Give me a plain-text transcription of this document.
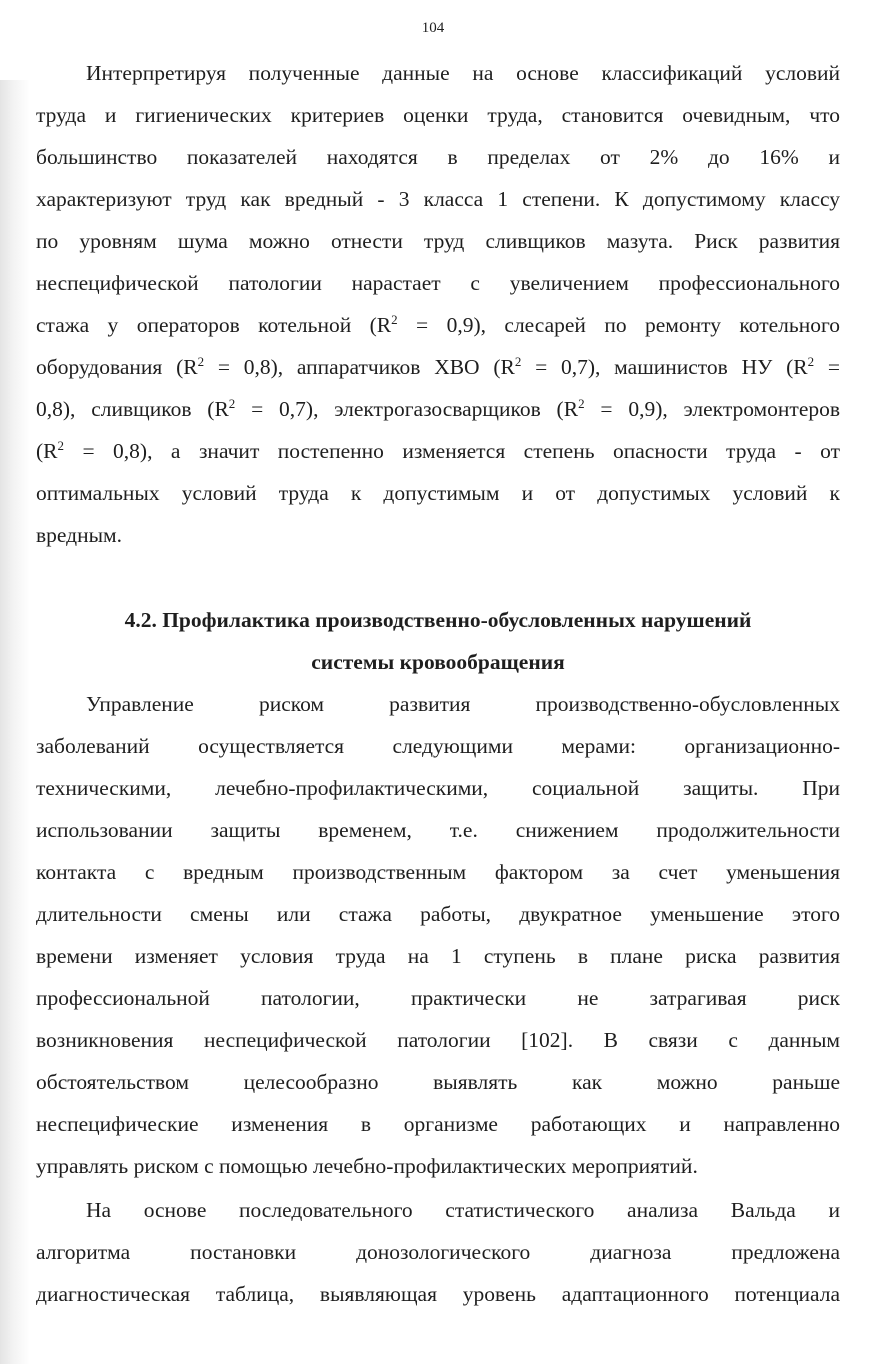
104
Интерпретируя полученные данные на основе классификаций условий
труда и гигиенических критериев оценки труда, становится очевидным, что
большинство показателей находятся в пределах от 2% до 16% и
характеризуют труд как вредный - 3 класса 1 степени. К допустимому классу
по уровням шума можно отнести труд сливщиков мазута. Риск развития
неспецифической патологии нарастает с увеличением профессионального
стажа у операторов котельной $(R^2 = 0,9)$, слесарей по ремонту котельного
оборудования $(R^2 = 0,8)$, аппаратчиков ХВО $(R^2 = 0,7)$, машинистов НУ ($R^2$ =
0,8), сливщиков $(R^2 = 0,7)$, электрогазосварщиков $(R^2 = 0,9)$, электромонтеров
$(R^2 = 0,8)$, а значит постепенно изменяется степень опасности труда - от
оптимальных условий труда к допустимым и от допустимых условий к
вредным.
4.2. Профилактика производственно-обусловленных нарушений
системы кровообращения
Управление риском развития производственно-обусловленных
заболеваний осуществляется следующими мерами: организационно-
техническими, лечебно-профилактическими, социальной защиты. При
использовании защиты временем, т.е. снижением продолжительности
контакта с вредным производственным фактором за счет уменьшения
длительности смены или стажа работы, двукратное уменьшение этого
времени изменяет условия труда на 1 ступень в плане риска развития
профессиональной патологии, практически не затрагивая риск
возникновения неспецифической патологии [102]. В связи с данным
обстоятельством целесообразно выявлять как можно раньше
неспецифические изменения в организме работающих и направленно
управлять риском с помощью лечебно-профилактических мероприятий.
На основе последовательного статистического анализа Вальда и
алгоритма постановки донозологического диагноза предложена
диагностическая таблица, выявляющая уровень адаптационного потенциала
